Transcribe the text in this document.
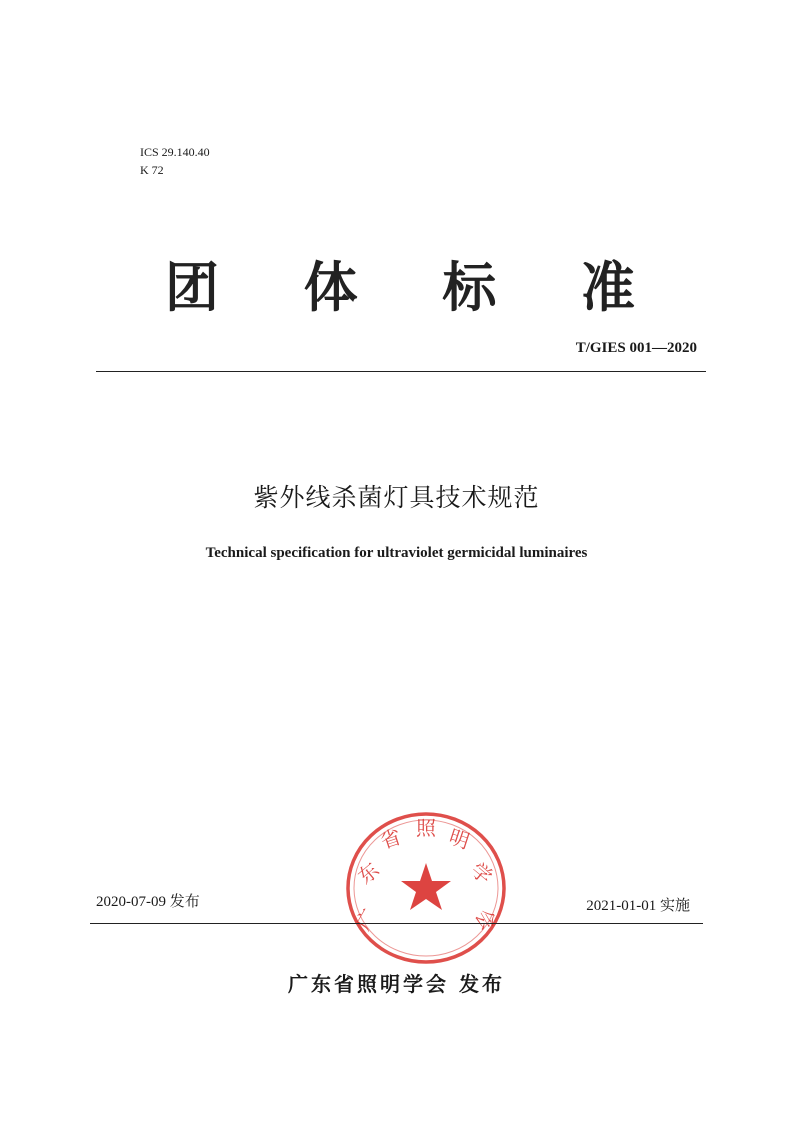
ICS 29.140.40
K 72
团 体 标 准
T/GIES 001—2020
紫外线杀菌灯具技术规范
Technical specification for ultraviolet germicidal luminaires
广
东
省 照 明
学
会
2020-07-09 发布	2021-01-01 实施
广东省照明学会 发布
